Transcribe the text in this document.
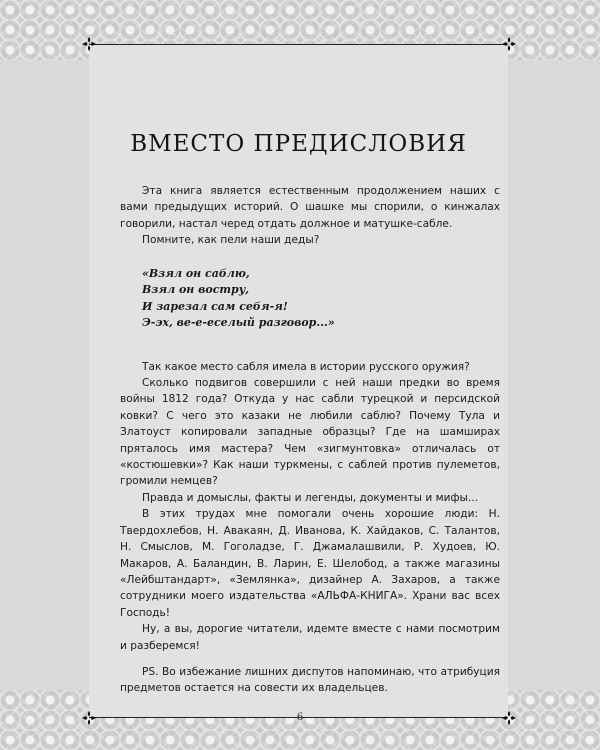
ВМЕСТО ПРЕДИСЛОВИЯ

Эта книга является естественным продолжением наших с вами предыдущих историй. О шашке мы спорили, о кинжалах говорили, настал черед отдать должное и матушке-сабле.

Помните, как пели наши деды?

«Взял он саблю,
Взял он востру,
И зарезал сам себя-я!
Э-эх, ве-е-еселый разговор...»

Так какое место сабля имела в истории русского оружия?

Сколько подвигов совершили с ней наши предки во время войны 1812 года? Откуда у нас сабли турецкой и персидской ковки? С чего это казаки не любили саблю? Почему Тула и Златоуст копировали западные образцы? Где на шамширах пряталось имя мастера? Чем «зигмунтовка» отличалась от «костюшевки»? Как наши туркмены, с саблей против пулеметов, громили немцев?

Правда и домыслы, факты и легенды, документы и мифы...

В этих трудах мне помогали очень хорошие люди: Н. Твердохлебов, Н. Авакаян, Д. Иванова, К. Хайдаков, С. Талантов, Н. Смыслов, М. Гоголадзе, Г. Джамалашвили, Р. Худоев, Ю. Макаров, А. Баландин, В. Ларин, Е. Шелобод, а также магазины «Лейбштандарт», «Землянка», дизайнер А. Захаров, а также сотрудники моего издательства «АЛЬФА-КНИГА». Храни вас всех Господь!

Ну, а вы, дорогие читатели, идемте вместе с нами посмотрим и разберемся!

PS. Во избежание лишних диспутов напоминаю, что атрибуция предметов остается на совести их владельцев.

6
